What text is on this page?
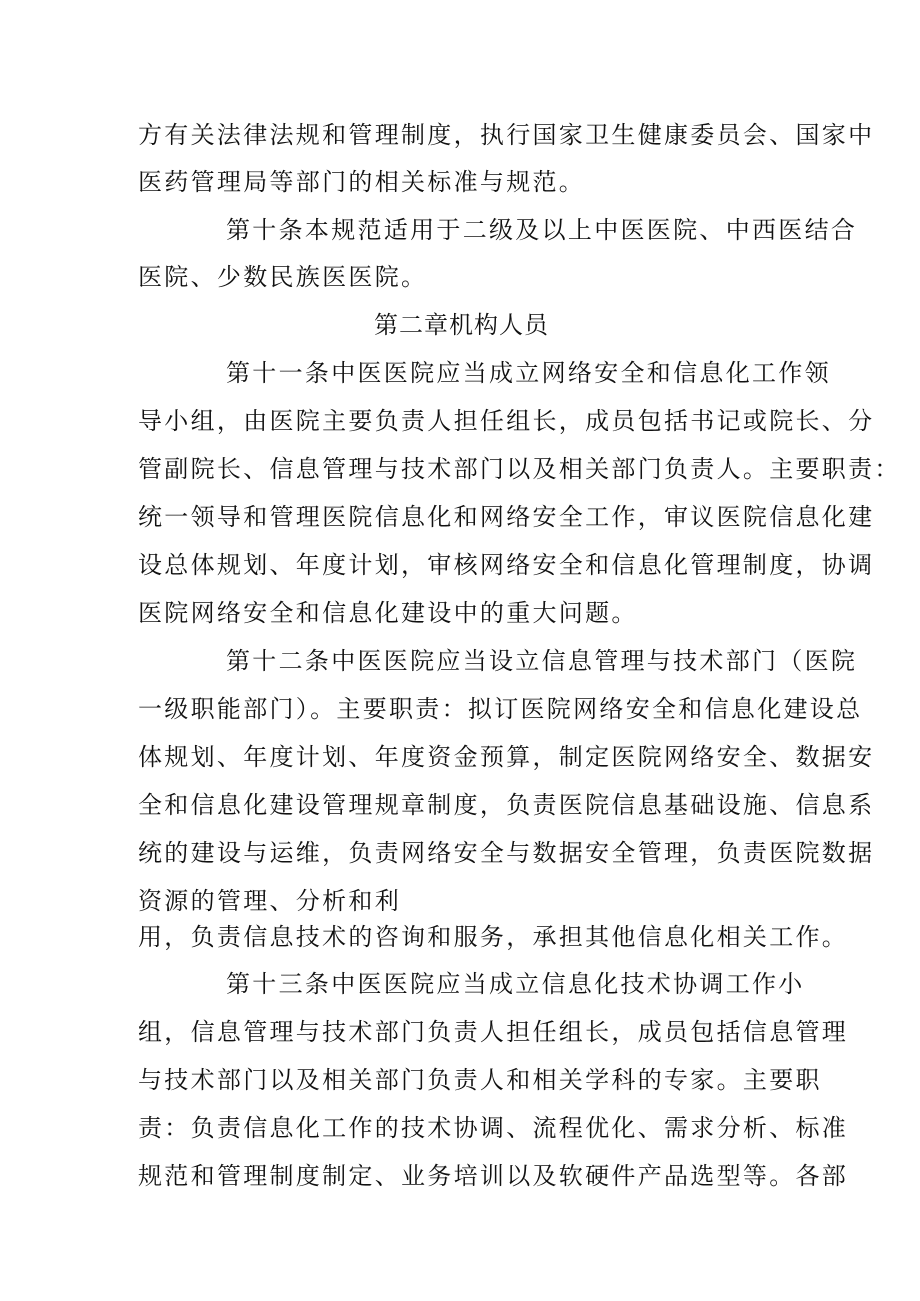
方有关法律法规和管理制度，执行国家卫生健康委员会、国家中
医药管理局等部门的相关标准与规范。
第十条本规范适用于二级及以上中医医院、中西医结合
医院、少数民族医医院。
第二章机构人员
第十一条中医医院应当成立网络安全和信息化工作领
导小组，由医院主要负责人担任组长，成员包括书记或院长、分
管副院长、信息管理与技术部门以及相关部门负责人。主要职责：
统一领导和管理医院信息化和网络安全工作，审议医院信息化建
设总体规划、年度计划，审核网络安全和信息化管理制度，协调
医院网络安全和信息化建设中的重大问题。
第十二条中医医院应当设立信息管理与技术部门（医院
一级职能部门）。主要职责：拟订医院网络安全和信息化建设总
体规划、年度计划、年度资金预算，制定医院网络安全、数据安
全和信息化建设管理规章制度，负责医院信息基础设施、信息系
统的建设与运维，负责网络安全与数据安全管理，负责医院数据
资源的管理、分析和利
用，负责信息技术的咨询和服务，承担其他信息化相关工作。
第十三条中医医院应当成立信息化技术协调工作小
组，信息管理与技术部门负责人担任组长，成员包括信息管理
与技术部门以及相关部门负责人和相关学科的专家。主要职
责：负责信息化工作的技术协调、流程优化、需求分析、标准
规范和管理制度制定、业务培训以及软硬件产品选型等。各部
